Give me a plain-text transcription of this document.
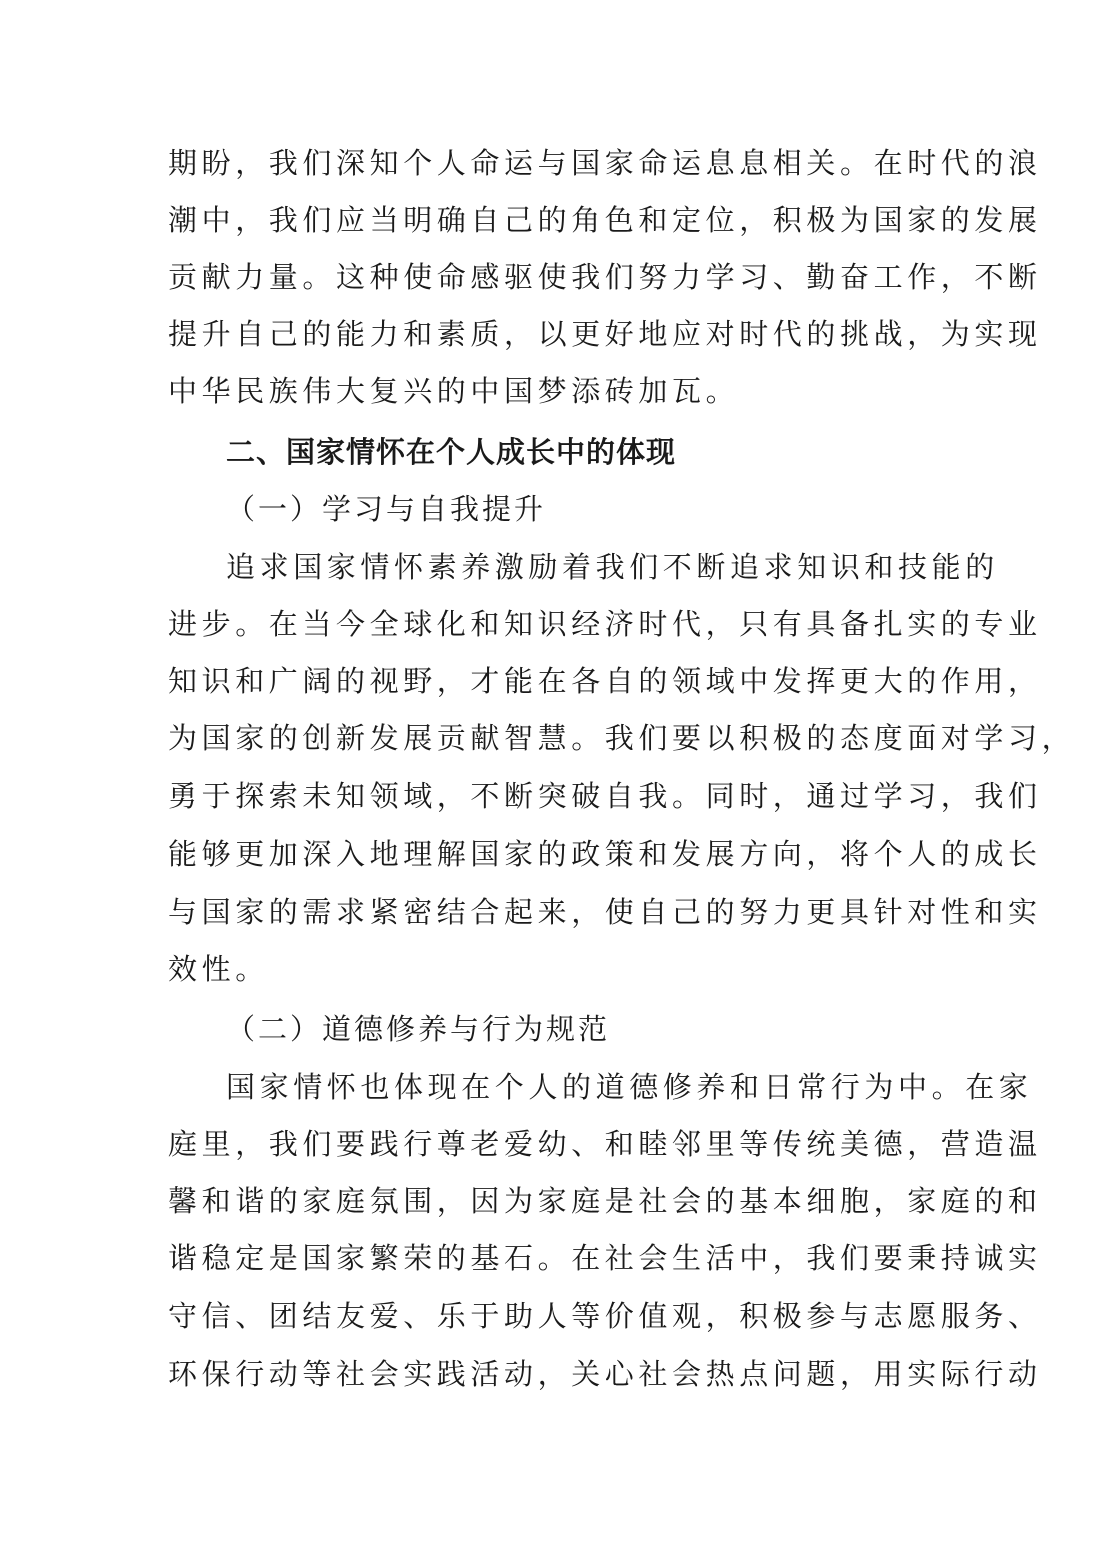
期盼，我们深知个人命运与国家命运息息相关。在时代的浪
潮中，我们应当明确自己的角色和定位，积极为国家的发展
贡献力量。这种使命感驱使我们努力学习、勤奋工作，不断
提升自己的能力和素质，以更好地应对时代的挑战，为实现
中华民族伟大复兴的中国梦添砖加瓦。
二、国家情怀在个人成长中的体现
（一）学习与自我提升
追求国家情怀素养激励着我们不断追求知识和技能的
进步。在当今全球化和知识经济时代，只有具备扎实的专业
知识和广阔的视野，才能在各自的领域中发挥更大的作用，
为国家的创新发展贡献智慧。我们要以积极的态度面对学习，
勇于探索未知领域，不断突破自我。同时，通过学习，我们
能够更加深入地理解国家的政策和发展方向，将个人的成长
与国家的需求紧密结合起来，使自己的努力更具针对性和实
效性。
（二）道德修养与行为规范
国家情怀也体现在个人的道德修养和日常行为中。在家
庭里，我们要践行尊老爱幼、和睦邻里等传统美德，营造温
馨和谐的家庭氛围，因为家庭是社会的基本细胞，家庭的和
谐稳定是国家繁荣的基石。在社会生活中，我们要秉持诚实
守信、团结友爱、乐于助人等价值观，积极参与志愿服务、
环保行动等社会实践活动，关心社会热点问题，用实际行动
